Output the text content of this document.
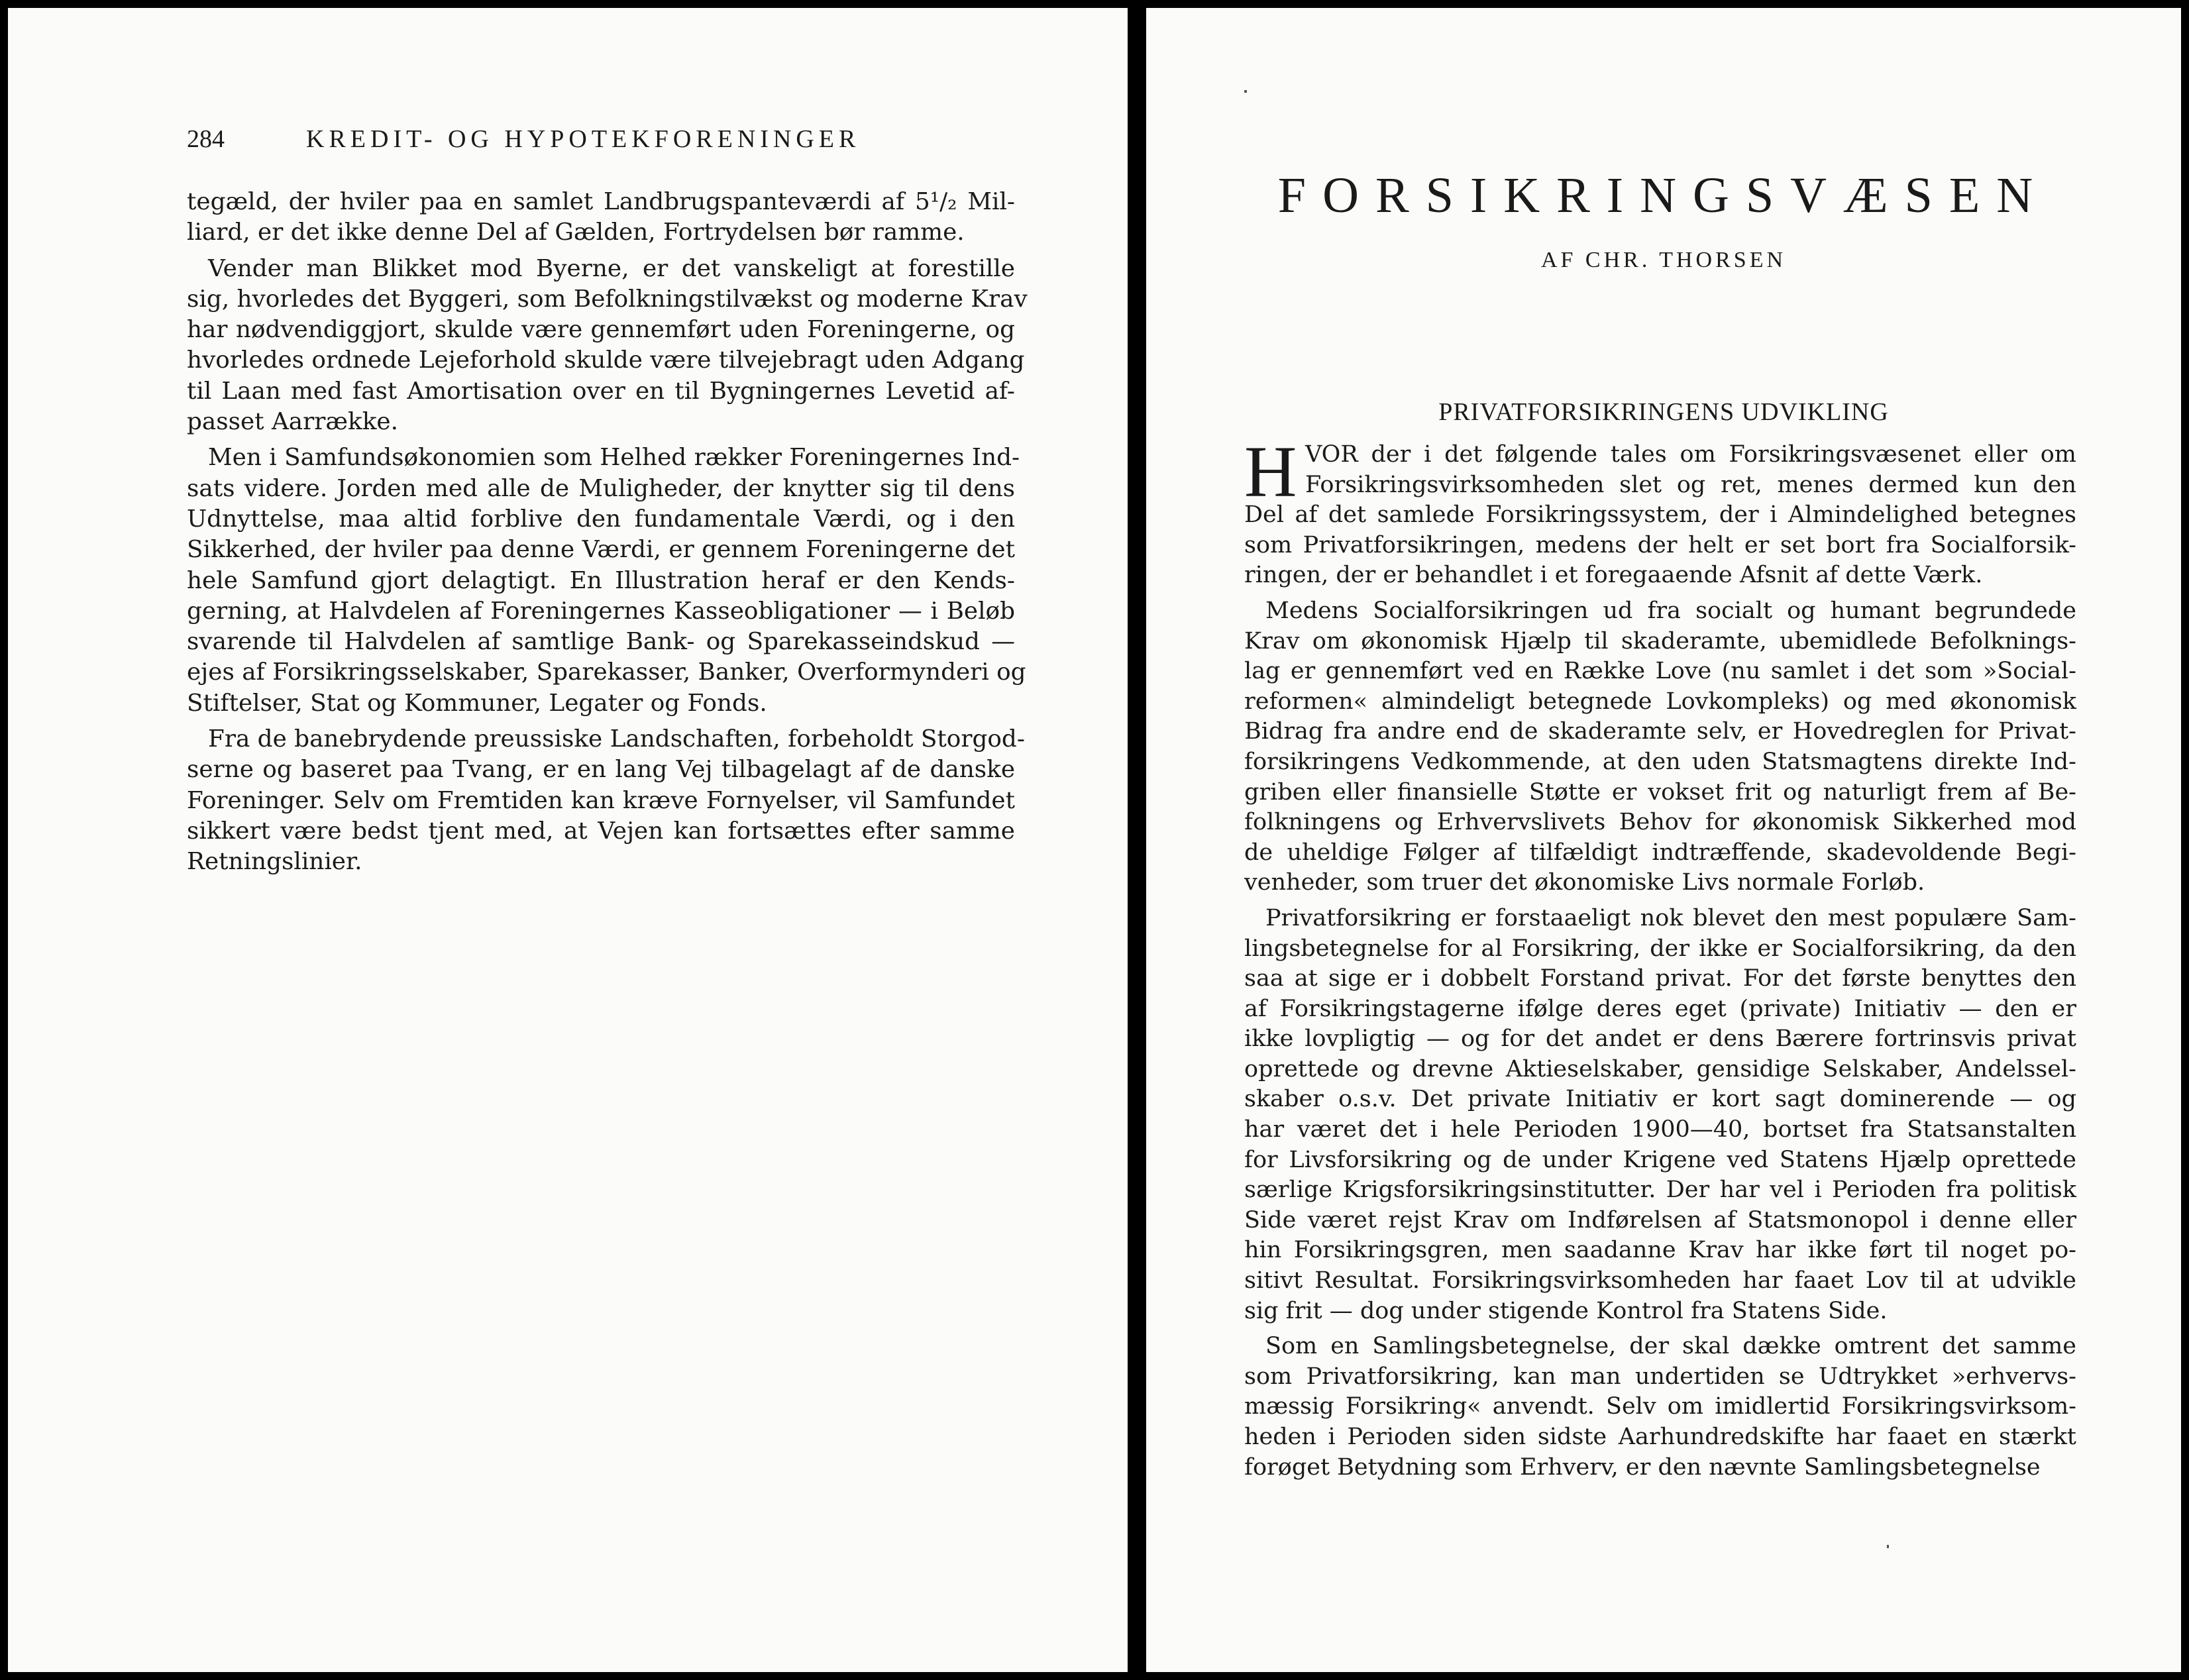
284	KREDIT- OG HYPOTEKFORENINGER
tegæld, der hviler paa en samlet Landbrugspanteværdi af 5¹/₂ Mil-
liard, er det ikke denne Del af Gælden, Fortrydelsen bør ramme.
Vender man Blikket mod Byerne, er det vanskeligt at forestille
sig, hvorledes det Byggeri, som Befolkningstilvækst og moderne Krav
har nødvendiggjort, skulde være gennemført uden Foreningerne, og
hvorledes ordnede Lejeforhold skulde være tilvejebragt uden Adgang
til Laan med fast Amortisation over en til Bygningernes Levetid af-
passet Aarrække.
Men i Samfundsøkonomien som Helhed rækker Foreningernes Ind-
sats videre. Jorden med alle de Muligheder, der knytter sig til dens
Udnyttelse, maa altid forblive den fundamentale Værdi, og i den
Sikkerhed, der hviler paa denne Værdi, er gennem Foreningerne det
hele Samfund gjort delagtigt. En Illustration heraf er den Kends-
gerning, at Halvdelen af Foreningernes Kasseobligationer — i Beløb
svarende til Halvdelen af samtlige Bank- og Sparekasseindskud —
ejes af Forsikringsselskaber, Sparekasser, Banker, Overformynderi og
Stiftelser, Stat og Kommuner, Legater og Fonds.
Fra de banebrydende preussiske Landschaften, forbeholdt Storgod-
serne og baseret paa Tvang, er en lang Vej tilbagelagt af de danske
Foreninger. Selv om Fremtiden kan kræve Fornyelser, vil Samfundet
sikkert være bedst tjent med, at Vejen kan fortsættes efter samme
Retningslinier.
FORSIKRINGSVÆSEN
AF CHR. THORSEN
PRIVATFORSIKRINGENS UDVIKLING
H VOR der i det følgende tales om Forsikringsvæsenet eller om
Forsikringsvirksomheden slet og ret, menes dermed kun den
Del af det samlede Forsikringssystem, der i Almindelighed betegnes
som Privatforsikringen, medens der helt er set bort fra Socialforsik-
ringen, der er behandlet i et foregaaende Afsnit af dette Værk.
Medens Socialforsikringen ud fra socialt og humant begrundede
Krav om økonomisk Hjælp til skaderamte, ubemidlede Befolknings-
lag er gennemført ved en Række Love (nu samlet i det som »Social-
reformen« almindeligt betegnede Lovkompleks) og med økonomisk
Bidrag fra andre end de skaderamte selv, er Hovedreglen for Privat-
forsikringens Vedkommende, at den uden Statsmagtens direkte Ind-
griben eller finansielle Støtte er vokset frit og naturligt frem af Be-
folkningens og Erhvervslivets Behov for økonomisk Sikkerhed mod
de uheldige Følger af tilfældigt indtræffende, skadevoldende Begi-
venheder, som truer det økonomiske Livs normale Forløb.
Privatforsikring er forstaaeligt nok blevet den mest populære Sam-
lingsbetegnelse for al Forsikring, der ikke er Socialforsikring, da den
saa at sige er i dobbelt Forstand privat. For det første benyttes den
af Forsikringstagerne ifølge deres eget (private) Initiativ — den er
ikke lovpligtig — og for det andet er dens Bærere fortrinsvis privat
oprettede og drevne Aktieselskaber, gensidige Selskaber, Andelssel-
skaber o.s.v. Det private Initiativ er kort sagt dominerende — og
har været det i hele Perioden 1900—40, bortset fra Statsanstalten
for Livsforsikring og de under Krigene ved Statens Hjælp oprettede
særlige Krigsforsikringsinstitutter. Der har vel i Perioden fra politisk
Side været rejst Krav om Indførelsen af Statsmonopol i denne eller
hin Forsikringsgren, men saadanne Krav har ikke ført til noget po-
sitivt Resultat. Forsikringsvirksomheden har faaet Lov til at udvikle
sig frit — dog under stigende Kontrol fra Statens Side.
Som en Samlingsbetegnelse, der skal dække omtrent det samme
som Privatforsikring, kan man undertiden se Udtrykket »erhvervs-
mæssig Forsikring« anvendt. Selv om imidlertid Forsikringsvirksom-
heden i Perioden siden sidste Aarhundredskifte har faaet en stærkt
forøget Betydning som Erhverv, er den nævnte Samlingsbetegnelse
